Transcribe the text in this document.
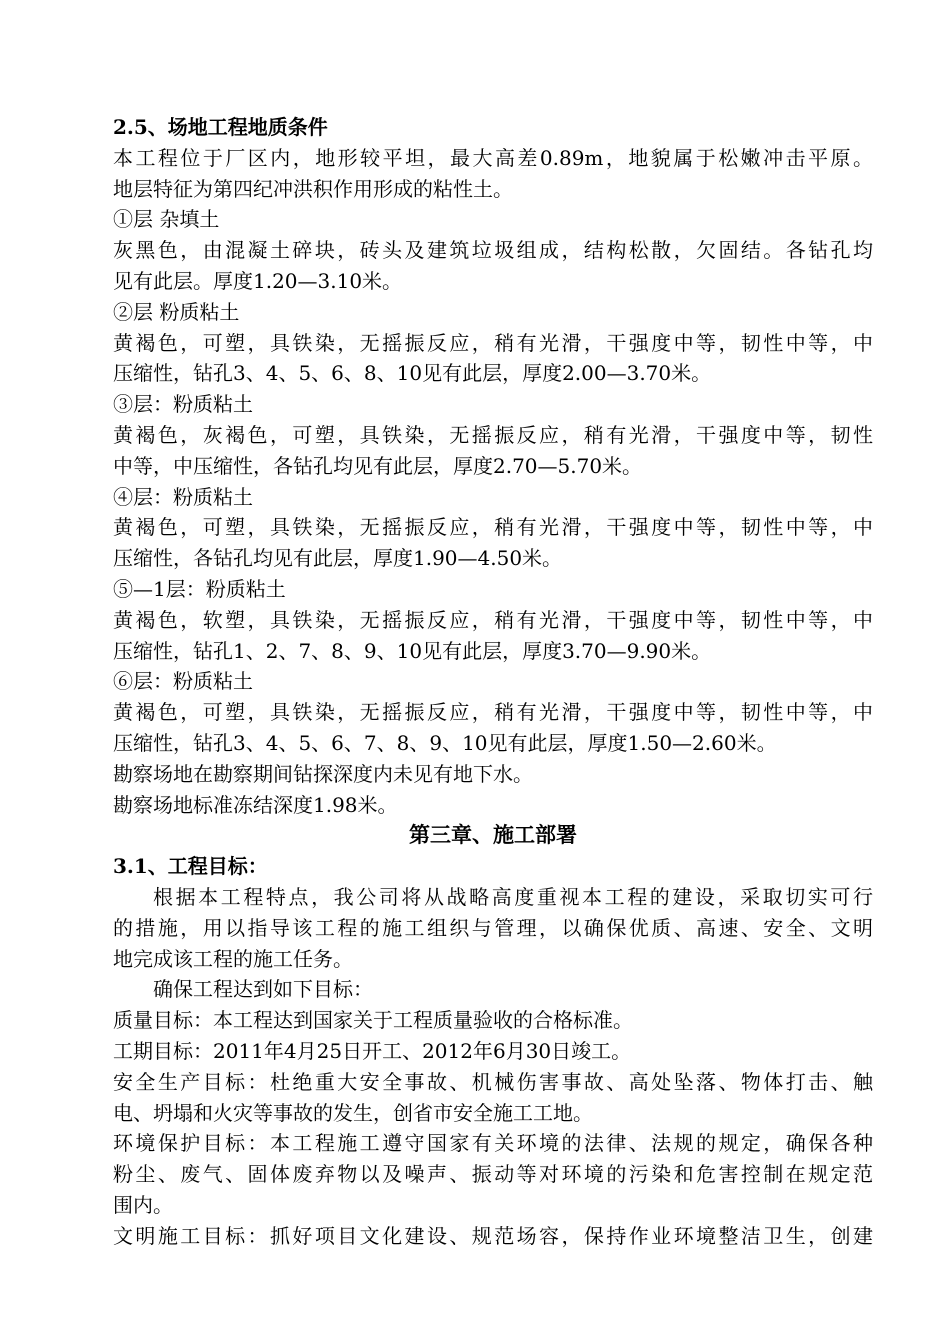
2.5、场地工程地质条件
本工程位于厂区内，地形较平坦，最大高差0.89m，地貌属于松嫩冲击平原。
地层特征为第四纪冲洪积作用形成的粘性土。
①层 杂填土
灰黑色，由混凝土碎块，砖头及建筑垃圾组成，结构松散，欠固结。各钻孔均
见有此层。厚度1.20—3.10米。
②层 粉质粘土
黄褐色，可塑，具铁染，无摇振反应，稍有光滑，干强度中等，韧性中等，中
压缩性，钻孔3、4、5、6、8、10见有此层，厚度2.00—3.70米。
③层：粉质粘土
黄褐色，灰褐色，可塑，具铁染，无摇振反应，稍有光滑，干强度中等，韧性
中等，中压缩性，各钻孔均见有此层，厚度2.70—5.70米。
④层：粉质粘土
黄褐色，可塑，具铁染，无摇振反应，稍有光滑，干强度中等，韧性中等，中
压缩性，各钻孔均见有此层，厚度1.90—4.50米。
⑤—1层：粉质粘土
黄褐色，软塑，具铁染，无摇振反应，稍有光滑，干强度中等，韧性中等，中
压缩性，钻孔1、2、7、8、9、10见有此层，厚度3.70—9.90米。
⑥层：粉质粘土
黄褐色，可塑，具铁染，无摇振反应，稍有光滑，干强度中等，韧性中等，中
压缩性，钻孔3、4、5、6、7、8、9、10见有此层，厚度1.50—2.60米。
勘察场地在勘察期间钻探深度内未见有地下水。
勘察场地标准冻结深度1.98米。
第三章、施工部署
3.1、工程目标：
根据本工程特点，我公司将从战略高度重视本工程的建设，采取切实可行
的措施，用以指导该工程的施工组织与管理，以确保优质、高速、安全、文明
地完成该工程的施工任务。
确保工程达到如下目标：
质量目标：本工程达到国家关于工程质量验收的合格标准。
工期目标：2011年4月25日开工、2012年6月30日竣工。
安全生产目标：杜绝重大安全事故、机械伤害事故、高处坠落、物体打击、触
电、坍塌和火灾等事故的发生，创省市安全施工工地。
环境保护目标：本工程施工遵守国家有关环境的法律、法规的规定，确保各种
粉尘、废气、固体废弃物以及噪声、振动等对环境的污染和危害控制在规定范
围内。
文明施工目标：抓好项目文化建设、规范场容，保持作业环境整洁卫生，创建
